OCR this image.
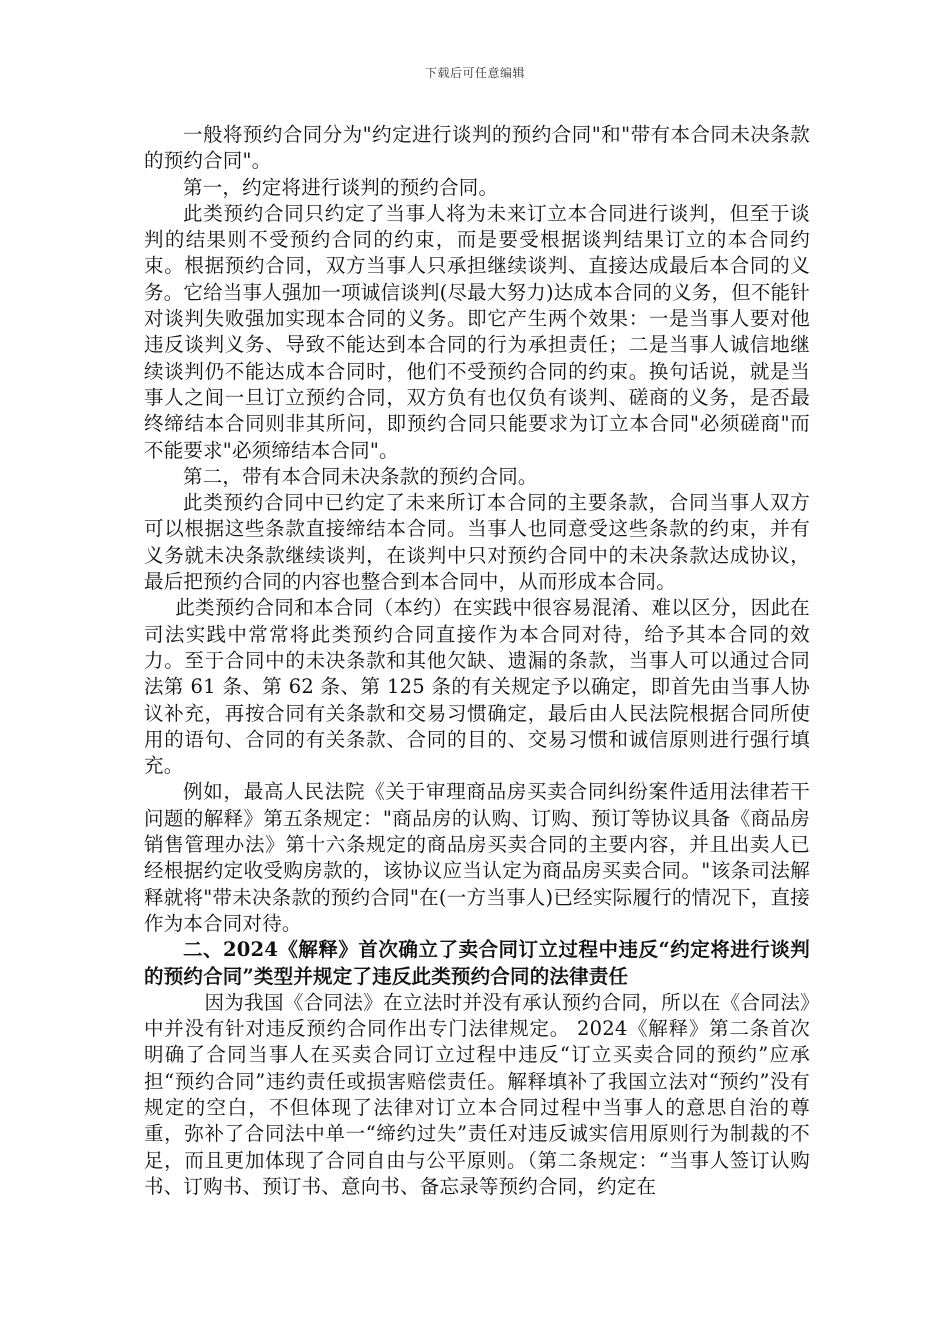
下载后可任意编辑

一般将预约合同分为"约定进行谈判的预约合同"和"带有本合同未决条款的预约合同"。

第一，约定将进行谈判的预约合同。

此类预约合同只约定了当事人将为未来订立本合同进行谈判，但至于谈判的结果则不受预约合同的约束，而是要受根据谈判结果订立的本合同约束。根据预约合同，双方当事人只承担继续谈判、直接达成最后本合同的义务。它给当事人强加一项诚信谈判(尽最大努力)达成本合同的义务，但不能针对谈判失败强加实现本合同的义务。即它产生两个效果：一是当事人要对他违反谈判义务、导致不能达到本合同的行为承担责任；二是当事人诚信地继续谈判仍不能达成本合同时，他们不受预约合同的约束。换句话说，就是当事人之间一旦订立预约合同，双方负有也仅负有谈判、磋商的义务，是否最终缔结本合同则非其所问，即预约合同只能要求为订立本合同"必须磋商"而不能要求"必须缔结本合同"。

第二，带有本合同未决条款的预约合同。

此类预约合同中已约定了未来所订本合同的主要条款，合同当事人双方可以根据这些条款直接缔结本合同。当事人也同意受这些条款的约束，并有义务就未决条款继续谈判，在谈判中只对预约合同中的未决条款达成协议，最后把预约合同的内容也整合到本合同中，从而形成本合同。

此类预约合同和本合同（本约）在实践中很容易混淆、难以区分，因此在司法实践中常常将此类预约合同直接作为本合同对待，给予其本合同的效力。至于合同中的未决条款和其他欠缺、遗漏的条款，当事人可以通过合同法第 61 条、第 62 条、第 125 条的有关规定予以确定，即首先由当事人协议补充，再按合同有关条款和交易习惯确定，最后由人民法院根据合同所使用的语句、合同的有关条款、合同的目的、交易习惯和诚信原则进行强行填充。

例如，最高人民法院《关于审理商品房买卖合同纠纷案件适用法律若干问题的解释》第五条规定："商品房的认购、订购、预订等协议具备《商品房销售管理办法》第十六条规定的商品房买卖合同的主要内容，并且出卖人已经根据约定收受购房款的，该协议应当认定为商品房买卖合同。"该条司法解释就将"带未决条款的预约合同"在(一方当事人)已经实际履行的情况下，直接作为本合同对待。

二、2024《解释》首次确立了卖合同订立过程中违反“约定将进行谈判的预约合同”类型并规定了违反此类预约合同的法律责任

因为我国《合同法》在立法时并没有承认预约合同，所以在《合同法》中并没有针对违反预约合同作出专门法律规定。 2024《解释》第二条首次明确了合同当事人在买卖合同订立过程中违反“订立买卖合同的预约”应承担“预约合同”违约责任或损害赔偿责任。解释填补了我国立法对“预约”没有规定的空白，不但体现了法律对订立本合同过程中当事人的意思自治的尊重，弥补了合同法中单一“缔约过失”责任对违反诚实信用原则行为制裁的不足，而且更加体现了合同自由与公平原则。（第二条规定：“当事人签订认购书、订购书、预订书、意向书、备忘录等预约合同，约定在
